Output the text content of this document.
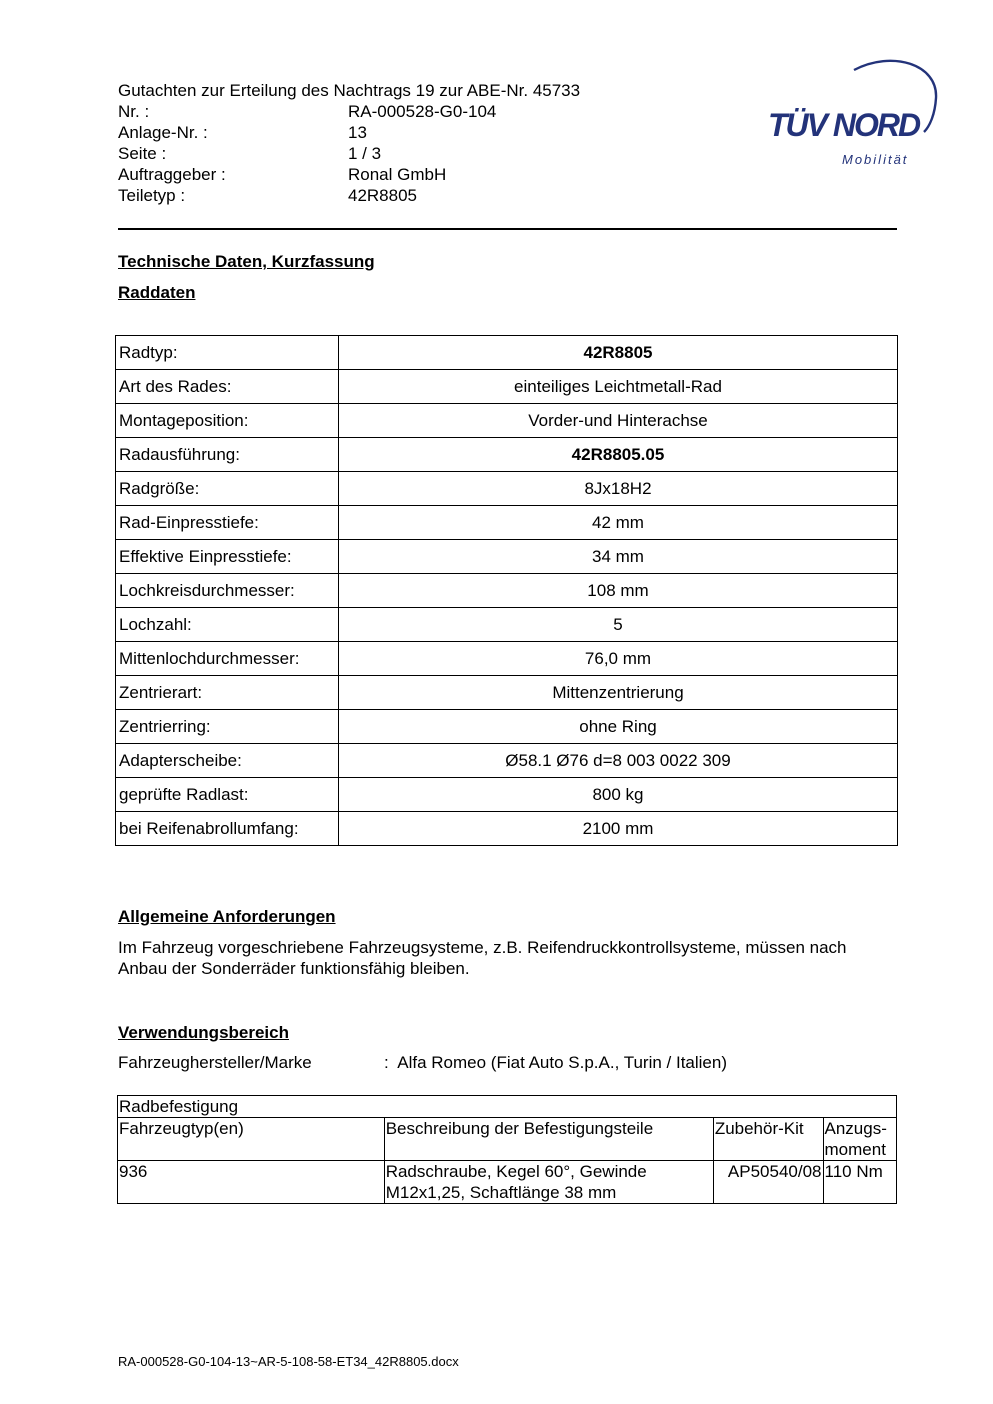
Gutachten zur Erteilung des Nachtrags 19 zur ABE-Nr. 45733
Nr. :	RA-000528-G0-104
Anlage-Nr. :	13
Seite :	1 / 3
Auftraggeber :	Ronal GmbH
Teiletyp :	42R8805
TÜV NORD
Mobilität
Technische Daten, Kurzfassung
Raddaten
Radtyp:	42R8805
Art des Rades:	einteiliges Leichtmetall-Rad
Montageposition:	Vorder-und Hinterachse
Radausführung:	42R8805.05
Radgröße:	8Jx18H2
Rad-Einpresstiefe:	42 mm
Effektive Einpresstiefe:	34 mm
Lochkreisdurchmesser:	108 mm
Lochzahl:	5
Mittenlochdurchmesser:	76,0 mm
Zentrierart:	Mittenzentrierung
Zentrierring:	ohne Ring
Adapterscheibe:	Ø58.1 Ø76 d=8 003 0022 309
geprüfte Radlast:	800 kg
bei Reifenabrollumfang:	2100 mm
Allgemeine Anforderungen
Im Fahrzeug vorgeschriebene Fahrzeugsysteme, z.B. Reifendruckkontrollsysteme, müssen nach Anbau der Sonderräder funktionsfähig bleiben.
Verwendungsbereich
Fahrzeughersteller/Marke	: Alfa Romeo (Fiat Auto S.p.A., Turin / Italien)
Radbefestigung			
Fahrzeugtyp(en)	Beschreibung der Befestigungsteile	Zubehör-Kit	Anzugs-moment
936	Radschraube, Kegel 60°, Gewinde M12x1,25, Schaftlänge 38 mm	AP50540/08	110 Nm
RA-000528-G0-104-13~AR-5-108-58-ET34_42R8805.docx
